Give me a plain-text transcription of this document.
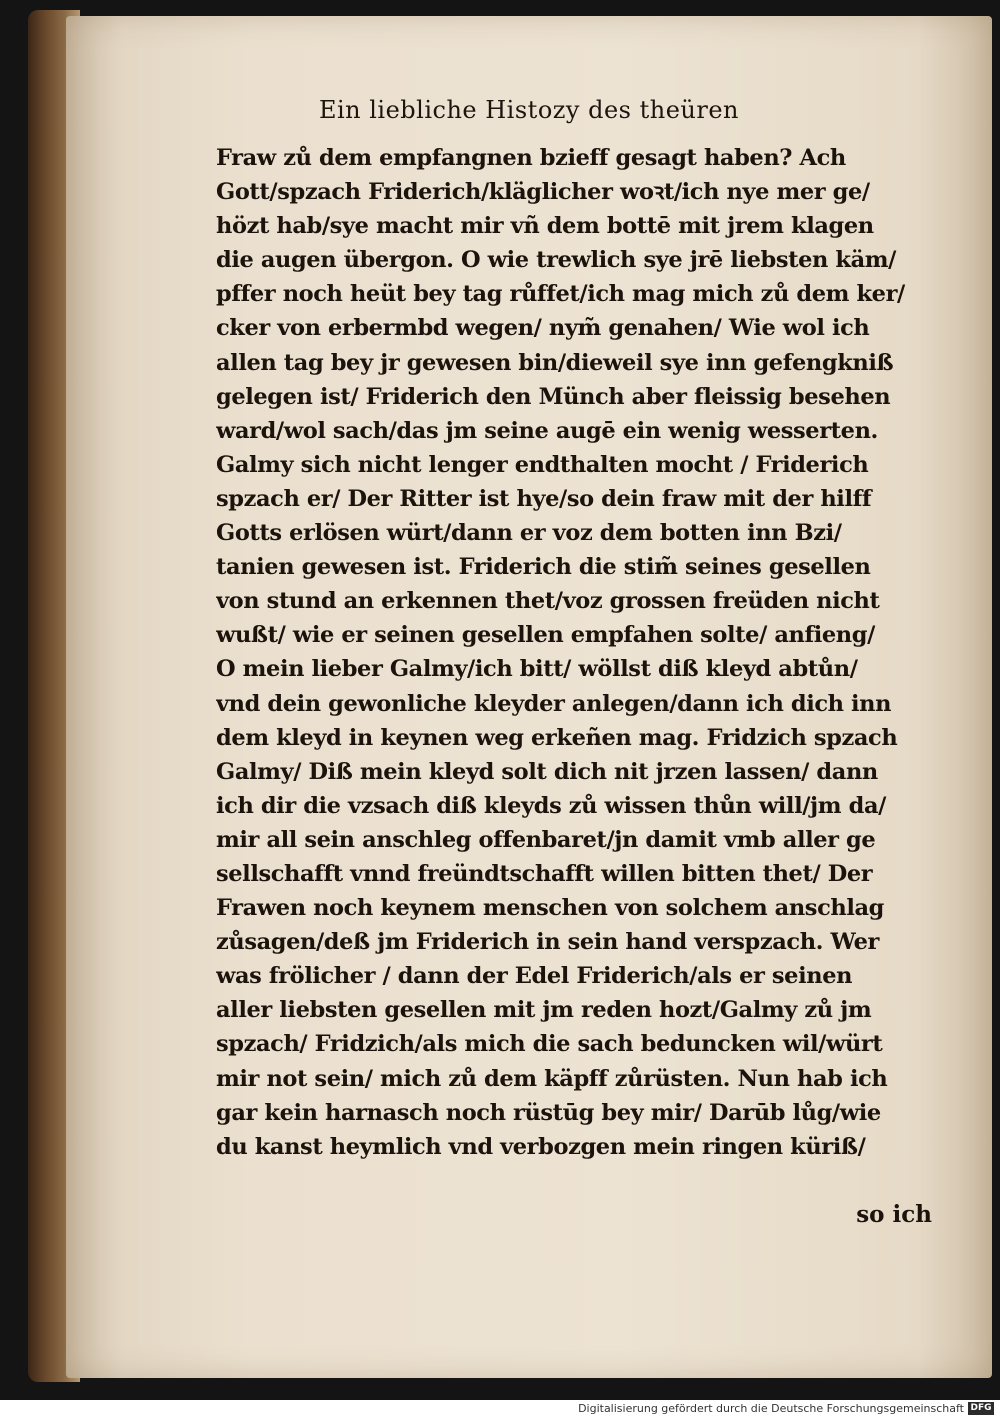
Ein liebliche Histozy des theüren
Fraw zů dem empfangnen bzieff gesagt haben? Ach
Gott/spzach Friderich/kläglicher woꝛt/ich nye mer ge/
hözt hab/sye macht mir vñ dem bottē mit jrem klagen
die augen übergon. O wie trewlich sye jrē liebsten käm/
pffer noch heüt bey tag růffet/ich mag mich zů dem ker/
cker von erbermbd wegen/ nym̃ genahen/ Wie wol ich
allen tag bey jr gewesen bin/dieweil sye inn gefengkniß
gelegen ist/ Friderich den Münch aber fleissig besehen
ward/wol sach/das jm seine augē ein wenig wesserten.
Galmy sich nicht lenger endthalten mocht / Friderich
spzach er/ Der Ritter ist hye/so dein fraw mit der hilff
Gotts erlösen würt/dann er voz dem botten inn Bzi/
tanien gewesen ist. Friderich die stim̃ seines gesellen
von stund an erkennen thet/voz grossen freüden nicht
wußt/ wie er seinen gesellen empfahen solte/ anfieng/
O mein lieber Galmy/ich bitt/ wöllst diß kleyd abtůn/
vnd dein gewonliche kleyder anlegen/dann ich dich inn
dem kleyd in keynen weg erkeñen mag. Fridzich spzach
Galmy/ Diß mein kleyd solt dich nit jrzen lassen/ dann
ich dir die vzsach diß kleyds zů wissen thůn will/jm da/
mir all sein anschleg offenbaret/jn damit vmb aller ge
sellschafft vnnd freündtschafft willen bitten thet/ Der
Frawen noch keynem menschen von solchem anschlag
zůsagen/deß jm Friderich in sein hand verspzach. Wer
was frölicher / dann der Edel Friderich/als er seinen
aller liebsten gesellen mit jm reden hozt/Galmy zů jm
spzach/ Fridzich/als mich die sach beduncken wil/würt
mir not sein/ mich zů dem käpff zůrüsten. Nun hab ich
gar kein harnasch noch rüstūg bey mir/ Darūb lůg/wie
du kanst heymlich vnd verbozgen mein ringen küriß/
so ich
Digitalisierung gefördert durch die Deutsche Forschungsgemeinschaft DFG
